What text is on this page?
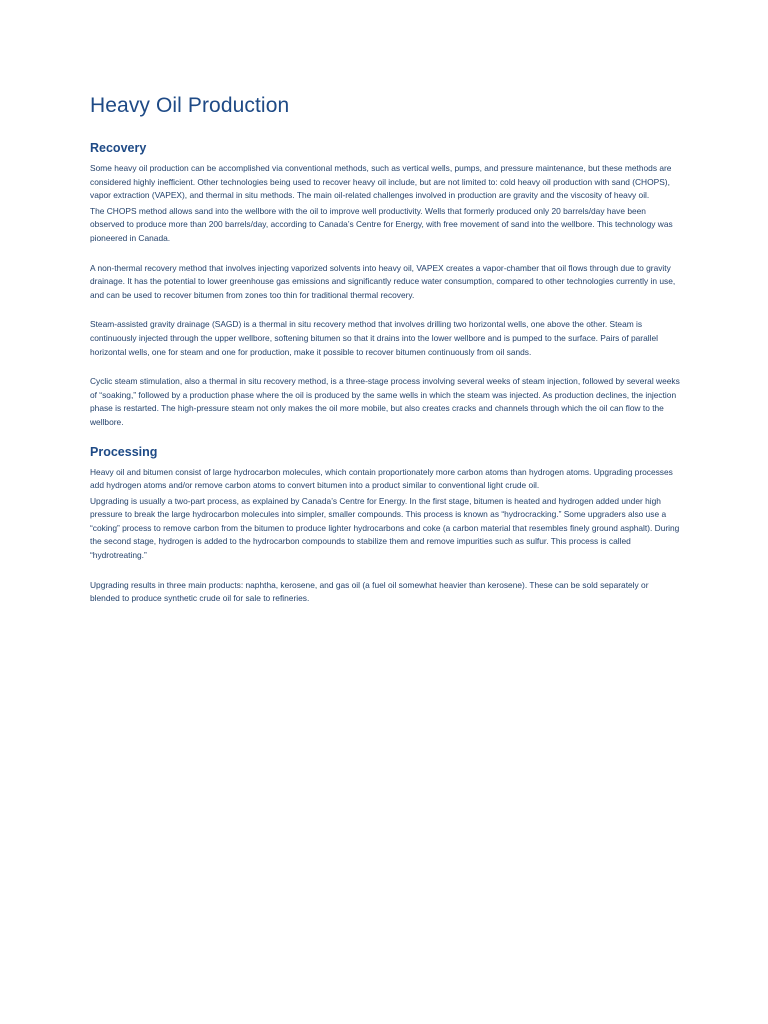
Heavy Oil Production
Recovery

Some heavy oil production can be accomplished via conventional methods, such as vertical wells, pumps, and pressure maintenance, but these methods are considered highly inefficient. Other technologies being used to recover heavy oil include, but are not limited to: cold heavy oil production with sand (CHOPS), vapor extraction (VAPEX), and thermal in situ methods. The main oil-related challenges involved in production are gravity and the viscosity of heavy oil.

The CHOPS method allows sand into the wellbore with the oil to improve well productivity. Wells that formerly produced only 20 barrels/day have been observed to produce more than 200 barrels/day, according to Canada’s Centre for Energy, with free movement of sand into the wellbore. This technology was pioneered in Canada.

A non-thermal recovery method that involves injecting vaporized solvents into heavy oil, VAPEX creates a vapor-chamber that oil flows through due to gravity drainage. It has the potential to lower greenhouse gas emissions and significantly reduce water consumption, compared to other technologies currently in use, and can be used to recover bitumen from zones too thin for traditional thermal recovery.

Steam-assisted gravity drainage (SAGD) is a thermal in situ recovery method that involves drilling two horizontal wells, one above the other. Steam is continuously injected through the upper wellbore, softening bitumen so that it drains into the lower wellbore and is pumped to the surface. Pairs of parallel horizontal wells, one for steam and one for production, make it possible to recover bitumen continuously from oil sands.

Cyclic steam stimulation, also a thermal in situ recovery method, is a three-stage process involving several weeks of steam injection, followed by several weeks of “soaking,” followed by a production phase where the oil is produced by the same wells in which the steam was injected. As production declines, the injection phase is restarted. The high-pressure steam not only makes the oil more mobile, but also creates cracks and channels through which the oil can flow to the wellbore.

Processing

Heavy oil and bitumen consist of large hydrocarbon molecules, which contain proportionately more carbon atoms than hydrogen atoms. Upgrading processes add hydrogen atoms and/or remove carbon atoms to convert bitumen into a product similar to conventional light crude oil.

Upgrading is usually a two-part process, as explained by Canada’s Centre for Energy. In the first stage, bitumen is heated and hydrogen added under high pressure to break the large hydrocarbon molecules into simpler, smaller compounds. This process is known as “hydrocracking.” Some upgraders also use a “coking” process to remove carbon from the bitumen to produce lighter hydrocarbons and coke (a carbon material that resembles finely ground asphalt). During the second stage, hydrogen is added to the hydrocarbon compounds to stabilize them and remove impurities such as sulfur. This process is called “hydrotreating.”

Upgrading results in three main products: naphtha, kerosene, and gas oil (a fuel oil somewhat heavier than kerosene). These can be sold separately or blended to produce synthetic crude oil for sale to refineries.
